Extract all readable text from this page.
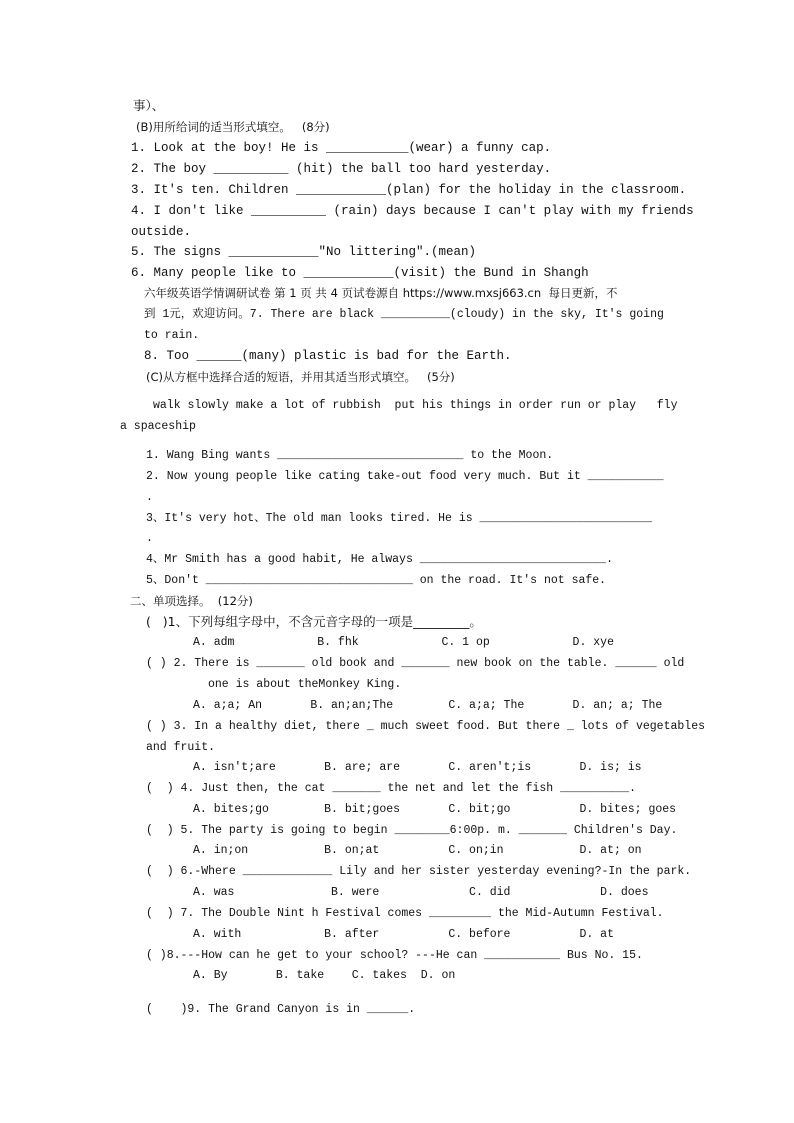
事）、
(B)用所给词的适当形式填空。   (8分)
1. Look at the boy! He is ___________(wear) a funny cap.
2. The boy __________ (hit) the ball too hard yesterday.
3. It's ten. Children ____________(plan) for the holiday in the classroom.
4. I don't like __________ (rain) days because I can't play with my friends
outside.
5. The signs ____________"No littering".(mean)
6. Many people like to ____________(visit) the Bund in Shangh
六年级英语学情调研试卷 第 1 页 共 4 页试卷源自 https://www.mxsj663.cn  每日更新，不
到 1元，欢迎访问。7. There are black __________(cloudy) in the sky, It's going
to rain.
8. Too ______(many) plastic is bad for the Earth.
(C)从方框中选择合适的短语，并用其适当形式填空。   (5分)
walk slowly make a lot of rubbish  put his things in order run or play   fly
a spaceship
1. Wang Bing wants ___________________________ to the Moon.
2. Now young people like cating take-out food very much. But it ___________
.
3、It's very hot、The old man looks tired. He is _________________________
.
4、Mr Smith has a good habit, He always ___________________________.
5、Don't ______________________________ on the road. It's not safe.
二、单项选择。  (12分)
(   )1、下列每组字母中，不含元音字母的一项是_________。
A. adm            B. fhk            C. 1 op            D. xye
( ) 2. There is _______ old book and _______ new book on the table. ______ old
one is about theMonkey King.
A. a;a; An       B. an;an;The        C. a;a; The       D. an; a; The
( ) 3. In a healthy diet, there _ much sweet food. But there _ lots of vegetables
and fruit.
A. isn't;are       B. are; are       C. aren't;is       D. is; is
(  ) 4. Just then, the cat _______ the net and let the fish __________.
A. bites;go        B. bit;goes       C. bit;go          D. bites; goes
(  ) 5. The party is going to begin ________6:00p. m. _______ Children's Day.
A. in;on           B. on;at          C. on;in           D. at; on
(  ) 6.-Where _____________ Lily and her sister yesterday evening?-In the park.
A. was              B. were             C. did             D. does
(  ) 7. The Double Nint h Festival comes _________ the Mid-Autumn Festival.
A. with            B. after          C. before          D. at
( )8.---How can he get to your school? ---He can ___________ Bus No. 15.
A. By       B. take    C. takes  D. on
(    )9. The Grand Canyon is in ______.
